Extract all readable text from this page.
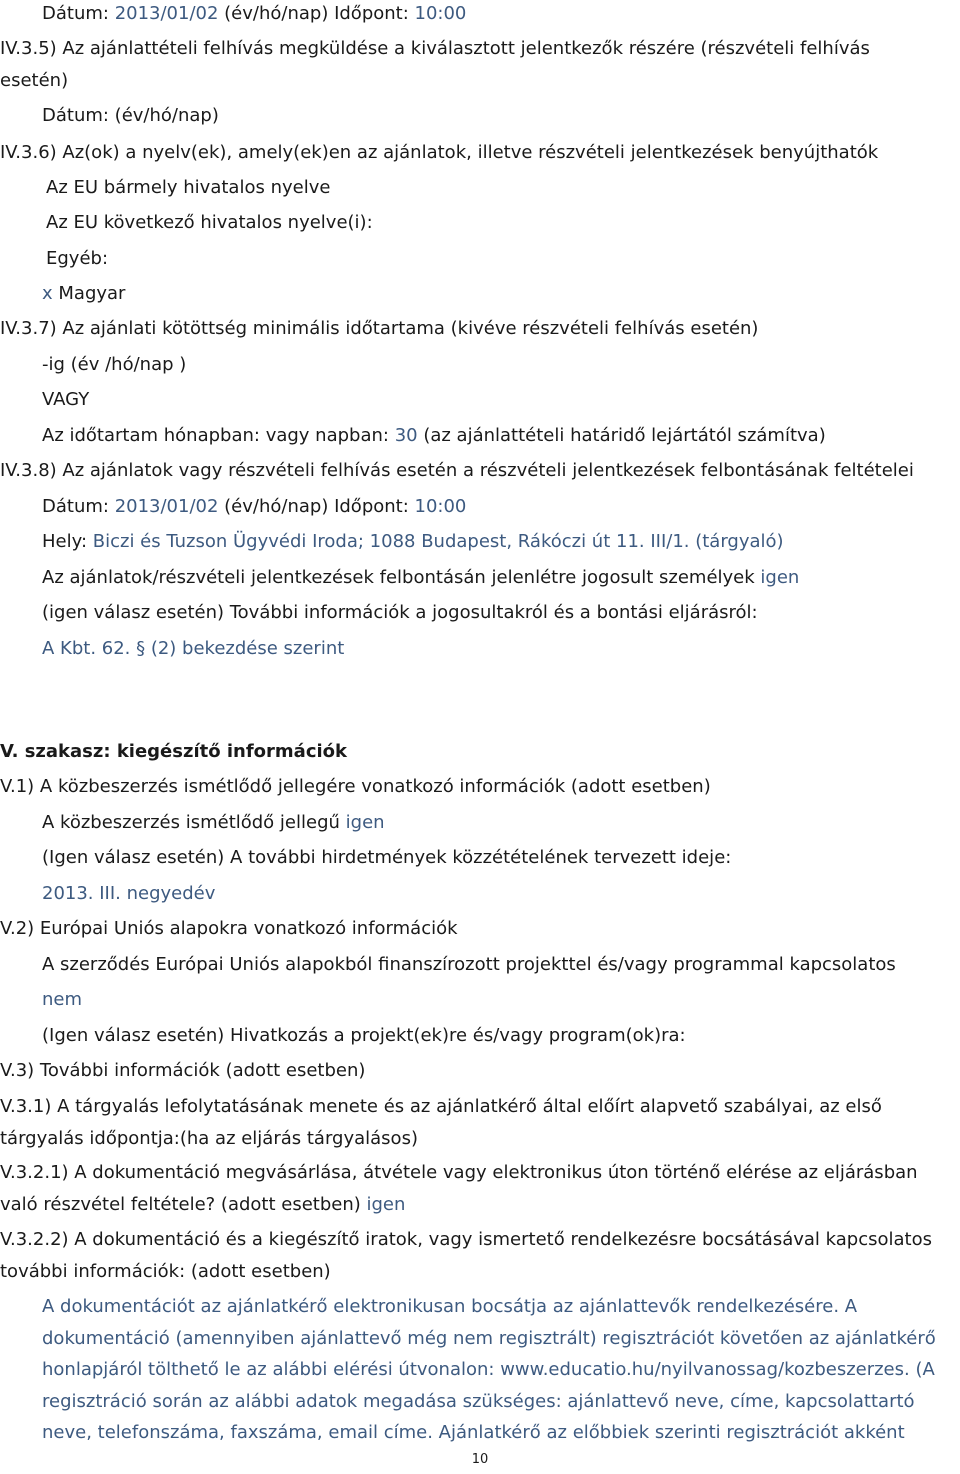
Dátum: 2013/01/02 (év/hó/nap) Időpont: 10:00
IV.3.5) Az ajánlattételi felhívás megküldése a kiválasztott jelentkezők részére (részvételi felhívás
esetén)
Dátum: (év/hó/nap)
IV.3.6) Az(ok) a nyelv(ek), amely(ek)en az ajánlatok, illetve részvételi jelentkezések benyújthatók
Az EU bármely hivatalos nyelve
Az EU következő hivatalos nyelve(i):
Egyéb:
x Magyar
IV.3.7) Az ajánlati kötöttség minimális időtartama (kivéve részvételi felhívás esetén)
-ig (év /hó/nap )
VAGY
Az időtartam hónapban: vagy napban: 30 (az ajánlattételi határidő lejártától számítva)
IV.3.8) Az ajánlatok vagy részvételi felhívás esetén a részvételi jelentkezések felbontásának feltételei
Dátum: 2013/01/02 (év/hó/nap) Időpont: 10:00
Hely: Biczi és Tuzson Ügyvédi Iroda; 1088 Budapest, Rákóczi út 11. III/1. (tárgyaló)
Az ajánlatok/részvételi jelentkezések felbontásán jelenlétre jogosult személyek igen
(igen válasz esetén) További információk a jogosultakról és a bontási eljárásról:
A Kbt. 62. § (2) bekezdése szerint
V. szakasz: kiegészítő információk
V.1) A közbeszerzés ismétlődő jellegére vonatkozó információk (adott esetben)
A közbeszerzés ismétlődő jellegű igen
(Igen válasz esetén) A további hirdetmények közzétételének tervezett ideje:
2013. III. negyedév
V.2) Európai Uniós alapokra vonatkozó információk
A szerződés Európai Uniós alapokból finanszírozott projekttel és/vagy programmal kapcsolatos
nem
(Igen válasz esetén) Hivatkozás a projekt(ek)re és/vagy program(ok)ra:
V.3) További információk (adott esetben)
V.3.1) A tárgyalás lefolytatásának menete és az ajánlatkérő által előírt alapvető szabályai, az első
tárgyalás időpontja:(ha az eljárás tárgyalásos)
V.3.2.1) A dokumentáció megvásárlása, átvétele vagy elektronikus úton történő elérése az eljárásban
való részvétel feltétele? (adott esetben) igen
V.3.2.2) A dokumentáció és a kiegészítő iratok, vagy ismertető rendelkezésre bocsátásával kapcsolatos
további információk: (adott esetben)
A dokumentációt az ajánlatkérő elektronikusan bocsátja az ajánlattevők rendelkezésére. A
dokumentáció (amennyiben ajánlattevő még nem regisztrált) regisztrációt követően az ajánlatkérő
honlapjáról tölthető le az alábbi elérési útvonalon: www.educatio.hu/nyilvanossag/kozbeszerzes. (A
regisztráció során az alábbi adatok megadása szükséges: ajánlattevő neve, címe, kapcsolattartó
neve, telefonszáma, faxszáma, email címe. Ajánlatkérő az előbbiek szerinti regisztrációt akként
10
